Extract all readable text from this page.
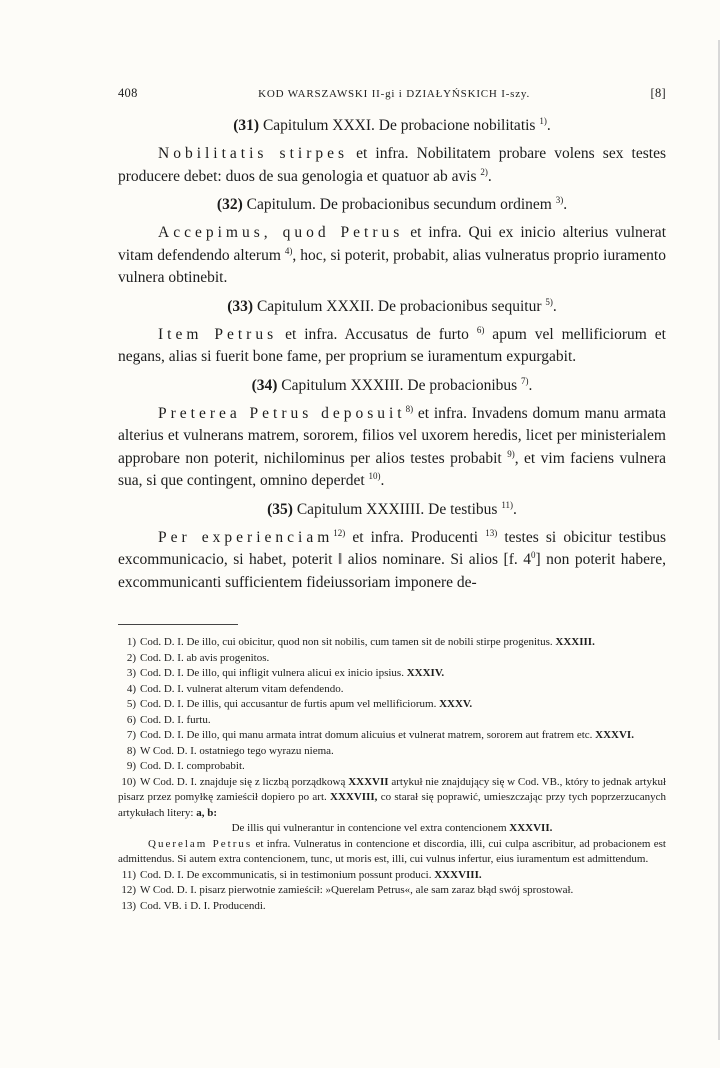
408	KOD WARSZAWSKI II-gi i DZIAŁYŃSKICH I-szy.	[8]
(31) Capitulum XXXI. De probacione nobilitatis $^{1)}$.

Nobilitatis stirpes et infra. Nobilitatem probare volens sex testes producere debet: duos de sua genologia et quatuor ab avis $^{2)}$.

(32) Capitulum. De probacionibus secundum ordinem $^{3)}$.

Accepimus, quod Petrus et infra. Qui ex inicio alterius vulnerat vitam defendendo alterum $^{4)}$, hoc, si poterit, probabit, alias vulneratus proprio iuramento vulnera obtinebit.

(33) Capitulum XXXII. De probacionibus sequitur $^{5)}$.

Item Petrus et infra. Accusatus de furto $^{6)}$ apum vel mellificiorum et negans, alias si fuerit bone fame, per proprium se iuramentum expurgabit.

(34) Capitulum XXXIII. De probacionibus $^{7)}$.

Preterea Petrus deposuit$^{8)}$ et infra. Invadens domum manu armata alterius et vulnerans matrem, sororem, filios vel uxorem heredis, licet per ministerialem approbare non poterit, nichilominus per alios testes probabit $^{9)}$, et vim faciens vulnera sua, si que contingent, omnino deperdet $^{10)}$.

(35) Capitulum XXXIIII. De testibus $^{11)}$.

Per experienciam$^{12)}$ et infra. Producenti $^{13)}$ testes si obicitur testibus excommunicacio, si habet, poterit ‖ alios nominare. Si alios [f. $4^0$] non poterit habere, excommunicanti sufficientem fideiussoriam imponere de-

1) Cod. D. I. De illo, cui obicitur, quod non sit nobilis, cum tamen sit de nobili stirpe progenitus. XXXIII.
2) Cod. D. I. ab avis progenitos.
3) Cod. D. I. De illo, qui infligit vulnera alicui ex inicio ipsius. XXXIV.
4) Cod. D. I. vulnerat alterum vitam defendendo.
5) Cod. D. I. De illis, qui accusantur de furtis apum vel mellificiorum. XXXV.
6) Cod. D. I. furtu.
7) Cod. D. I. De illo, qui manu armata intrat domum alicuius et vulnerat matrem, sororem aut fratrem etc. XXXVI.
8) W Cod. D. I. ostatniego tego wyrazu niema.
9) Cod. D. I. comprobabit.
10) W Cod. D. I. znajduje się z liczbą porządkową XXXVII artykuł nie znajdujący się w Cod. VB., który to jednak artykuł pisarz przez pomyłkę zamieścił dopiero po art. XXXVIII, co starał się poprawić, umieszczając przy tych poprzerzucanych artykułach litery: a, b:
De illis qui vulnerantur in contencione vel extra contencionem XXXVII.
Querelam Petrus et infra. Vulneratus in contencione et discordia, illi, cui culpa ascribitur, ad probacionem est admittendus. Si autem extra contencionem, tunc, ut moris est, illi, cui vulnus infertur, eius iuramentum est admittendum.
11) Cod. D. I. De excommunicatis, si in testimonium possunt produci. XXXVIII.
12) W Cod. D. I. pisarz pierwotnie zamieścił: »Querelam Petrus«, ale sam zaraz błąd swój sprostował.
13) Cod. VB. i D. I. Producendi.
